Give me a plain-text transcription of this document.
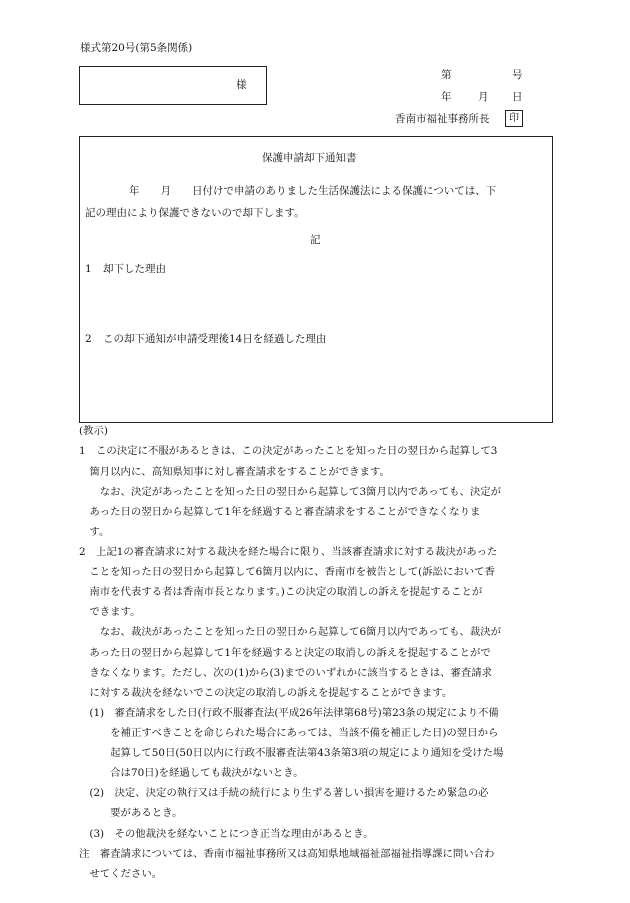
様式第20号(第5条関係)
様
第	号
年	月 日
香南市福祉事務所長	印
保護申請却下通知書
年　　月　　日付けで申請のありました生活保護法による保護については、下
記の理由により保護できないので却下します。
記
1 却下した理由
2 この却下通知が申請受理後14日を経過した理由
(教示)
1　この決定に不服があるときは、この決定があったことを知った日の翌日から起算して3
　箇月以内に、高知県知事に対し審査請求をすることができます。
　　なお、決定があったことを知った日の翌日から起算して3箇月以内であっても、決定が
　あった日の翌日から起算して1年を経過すると審査請求をすることができなくなりま
　す。
2　上記1の審査請求に対する裁決を経た場合に限り、当該審査請求に対する裁決があった
　ことを知った日の翌日から起算して6箇月以内に、香南市を被告として(訴訟において香
　南市を代表する者は香南市長となります。)この決定の取消しの訴えを提起することが
　できます。
　　なお、裁決があったことを知った日の翌日から起算して6箇月以内であっても、裁決が
　あった日の翌日から起算して1年を経過すると決定の取消しの訴えを提起することがで
　きなくなります。ただし、次の(1)から(3)までのいずれかに該当するときは、審査請求
　に対する裁決を経ないでこの決定の取消しの訴えを提起することができます。
　(1)　審査請求をした日(行政不服審査法(平成26年法律第68号)第23条の規定により不備
　　　を補正すべきことを命じられた場合にあっては、当該不備を補正した日)の翌日から
　　　起算して50日(50日以内に行政不服審査法第43条第3項の規定により通知を受けた場
　　　合は70日)を経過しても裁決がないとき。
　(2)　決定、決定の執行又は手続の続行により生ずる著しい損害を避けるため緊急の必
　　　要があるとき。
　(3)　その他裁決を経ないことにつき正当な理由があるとき。
注　審査請求については、香南市福祉事務所又は高知県地域福祉部福祉指導課に問い合わ
　せてください。
